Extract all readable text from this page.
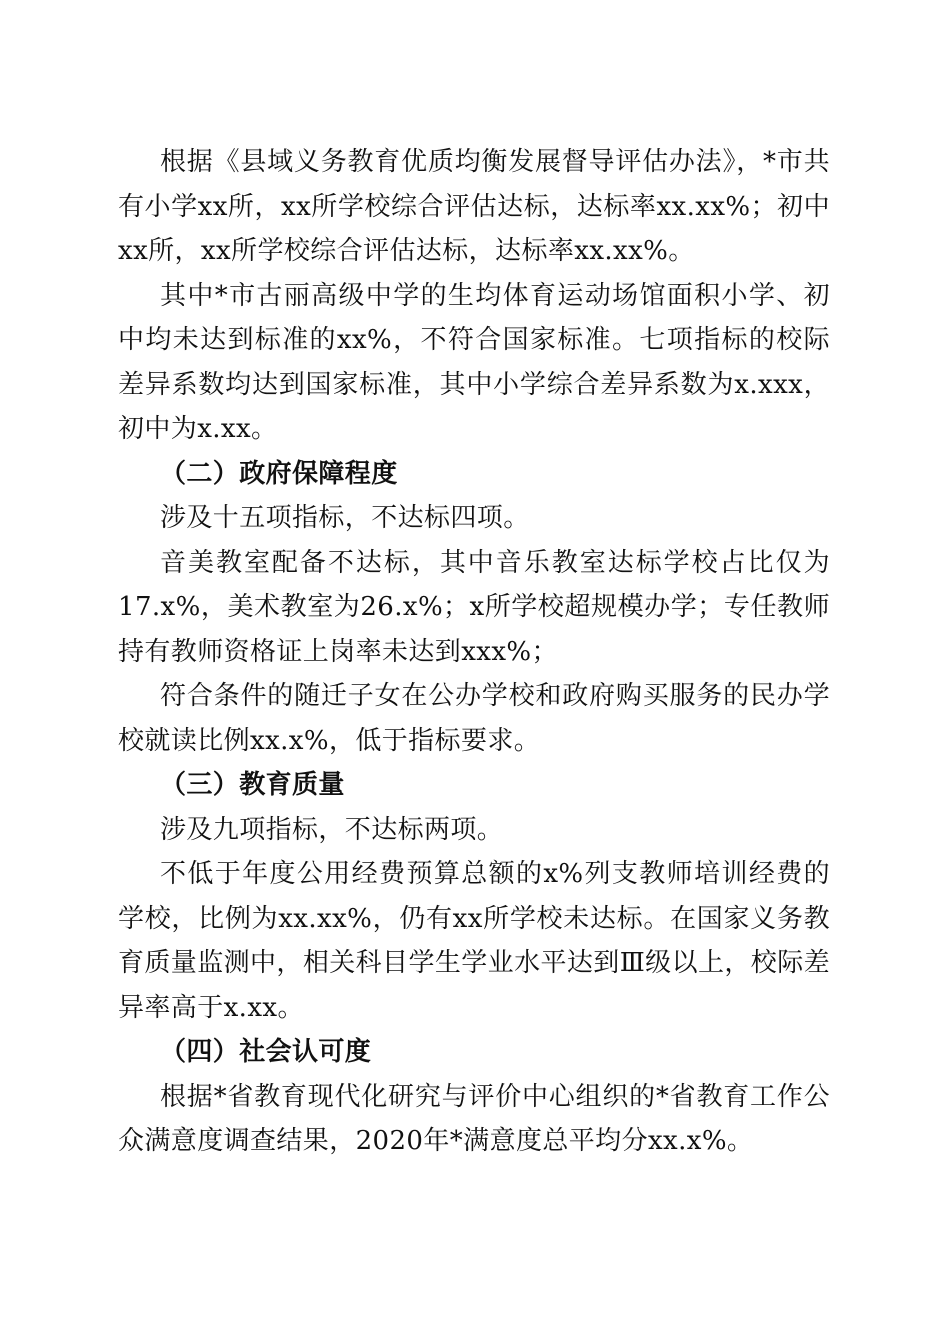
根据《县域义务教育优质均衡发展督导评估办法》，*市共有小学xx所，xx所学校综合评估达标，达标率xx.xx%；初中xx所，xx所学校综合评估达标，达标率xx.xx%。

其中*市古丽高级中学的生均体育运动场馆面积小学、初中均未达到标准的xx%，不符合国家标准。七项指标的校际差异系数均达到国家标准，其中小学综合差异系数为x.xxx，初中为x.xx。

（二）政府保障程度

涉及十五项指标，不达标四项。

音美教室配备不达标，其中音乐教室达标学校占比仅为17.x%，美术教室为26.x%；x所学校超规模办学；专任教师持有教师资格证上岗率未达到xxx%；

符合条件的随迁子女在公办学校和政府购买服务的民办学校就读比例xx.x%，低于指标要求。

（三）教育质量

涉及九项指标，不达标两项。

不低于年度公用经费预算总额的x%列支教师培训经费的学校，比例为xx.xx%，仍有xx所学校未达标。在国家义务教育质量监测中，相关科目学生学业水平达到Ⅲ级以上，校际差异率高于x.xx。

（四）社会认可度

根据*省教育现代化研究与评价中心组织的*省教育工作公众满意度调查结果，2020年*满意度总平均分xx.x%。
